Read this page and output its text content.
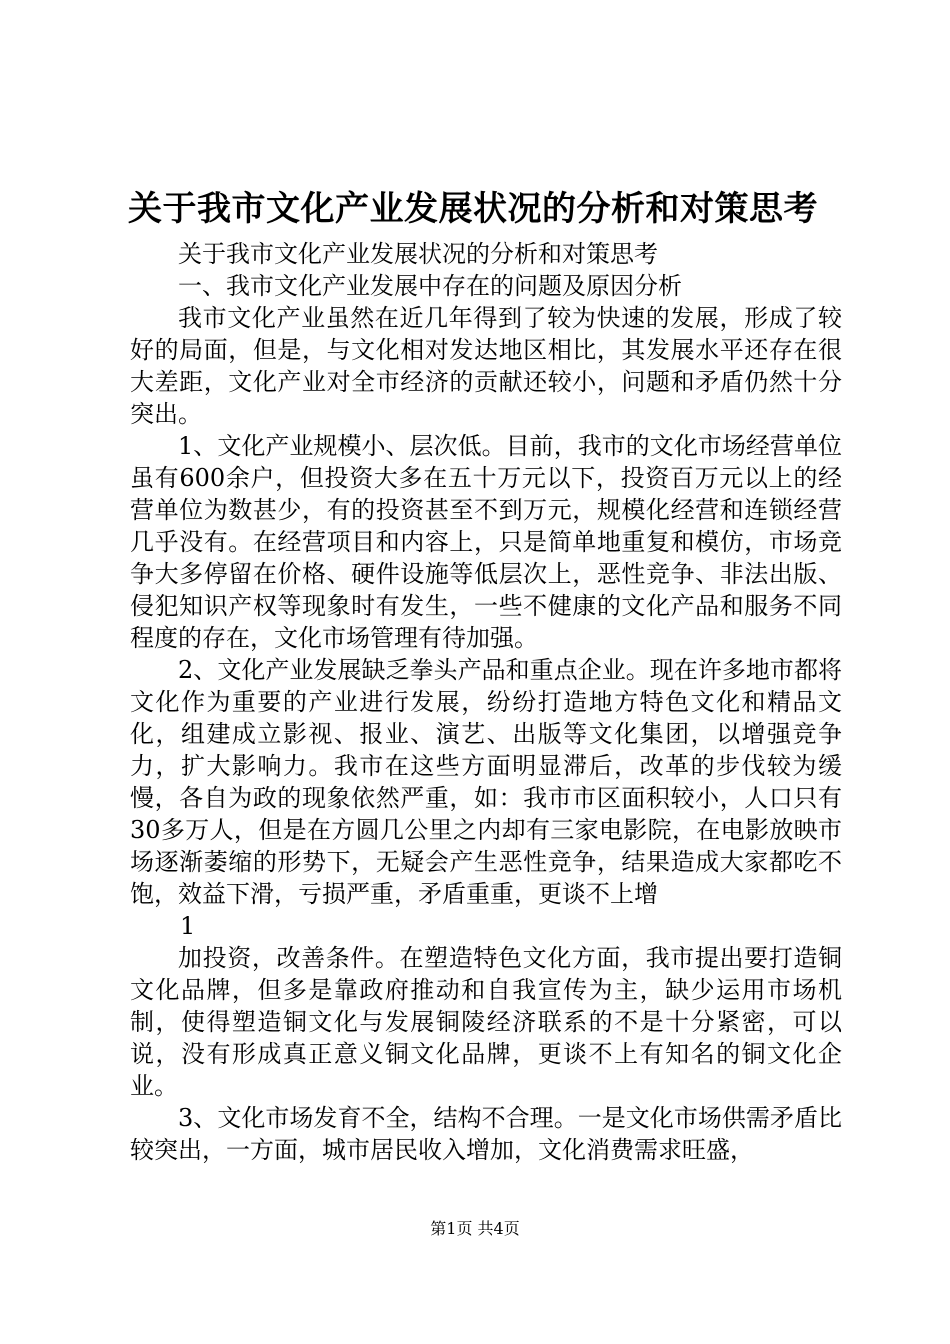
关于我市文化产业发展状况的分析和对策思考

关于我市文化产业发展状况的分析和对策思考

一、我市文化产业发展中存在的问题及原因分析

我市文化产业虽然在近几年得到了较为快速的发展，形成了较好的局面，但是，与文化相对发达地区相比，其发展水平还存在很大差距，文化产业对全市经济的贡献还较小，问题和矛盾仍然十分突出。

1、文化产业规模小、层次低。目前，我市的文化市场经营单位虽有600余户，但投资大多在五十万元以下，投资百万元以上的经营单位为数甚少，有的投资甚至不到万元，规模化经营和连锁经营几乎没有。在经营项目和内容上，只是简单地重复和模仿，市场竞争大多停留在价格、硬件设施等低层次上，恶性竞争、非法出版、侵犯知识产权等现象时有发生，一些不健康的文化产品和服务不同程度的存在，文化市场管理有待加强。

2、文化产业发展缺乏拳头产品和重点企业。现在许多地市都将文化作为重要的产业进行发展，纷纷打造地方特色文化和精品文化，组建成立影视、报业、演艺、出版等文化集团，以增强竞争力，扩大影响力。我市在这些方面明显滞后，改革的步伐较为缓慢，各自为政的现象依然严重，如：我市市区面积较小，人口只有30多万人，但是在方圆几公里之内却有三家电影院，在电影放映市场逐渐萎缩的形势下，无疑会产生恶性竞争，结果造成大家都吃不饱，效益下滑，亏损严重，矛盾重重，更谈不上增

1

加投资，改善条件。在塑造特色文化方面，我市提出要打造铜文化品牌，但多是靠政府推动和自我宣传为主，缺少运用市场机制，使得塑造铜文化与发展铜陵经济联系的不是十分紧密，可以说，没有形成真正意义铜文化品牌，更谈不上有知名的铜文化企业。

3、文化市场发育不全，结构不合理。一是文化市场供需矛盾比较突出，一方面，城市居民收入增加，文化消费需求旺盛，

第1页 共4页
